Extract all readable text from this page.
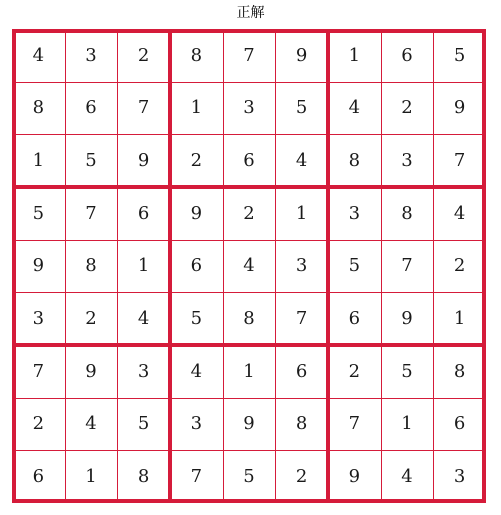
正解
4	3	2	8	7	9	1	6	5
8	6	7	1	3	5	4	2	9
1	5	9	2	6	4	8	3	7
5	7	6	9	2	1	3	8	4
9	8	1	6	4	3	5	7	2
3	2	4	5	8	7	6	9	1
7	9	3	4	1	6	2	5	8
2	4	5	3	9	8	7	1	6
6	1	8	7	5	2	9	4	3
